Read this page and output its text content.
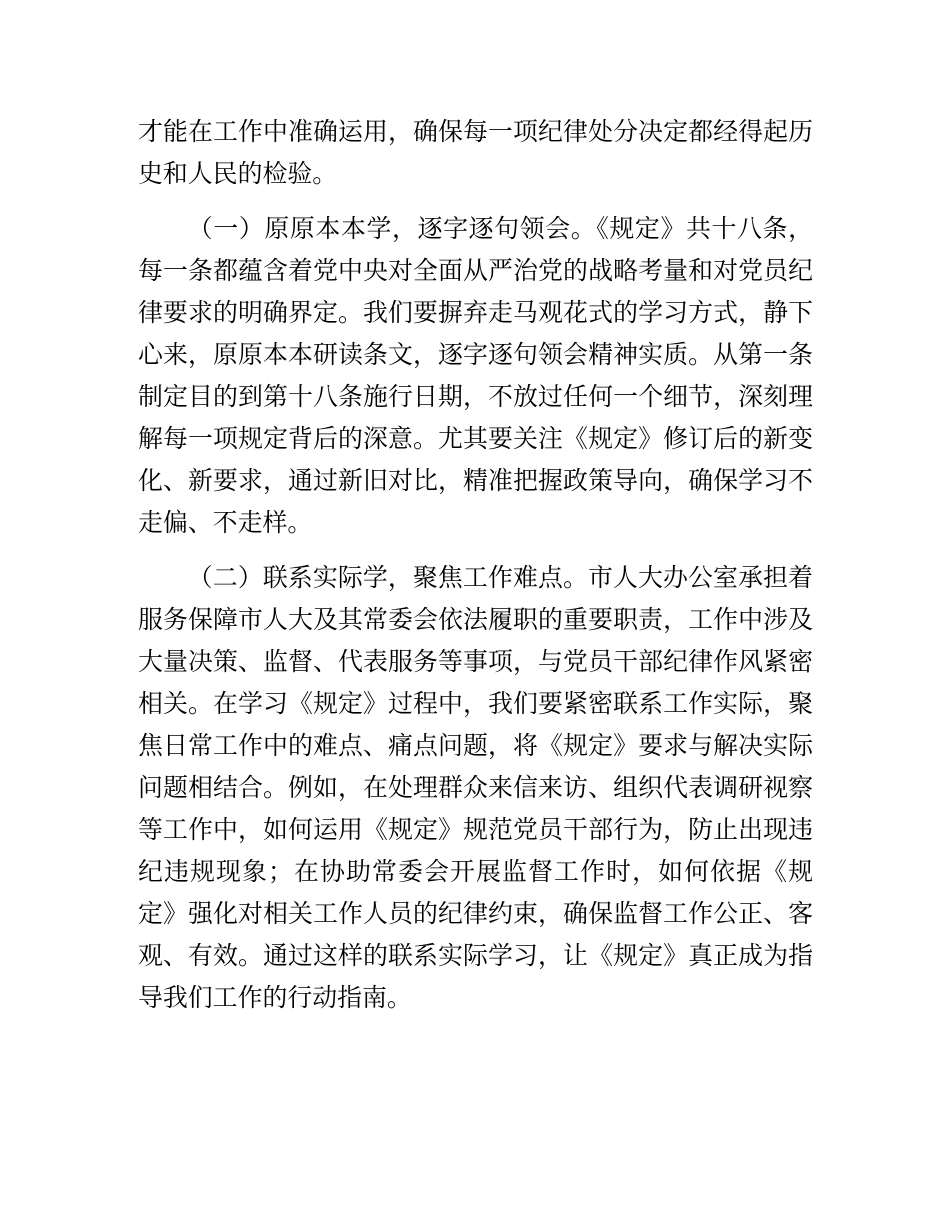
才能在工作中准确运用，确保每一项纪律处分决定都经得起历史和人民的检验。

（一）原原本本学，逐字逐句领会。《规定》共十八条，每一条都蕴含着党中央对全面从严治党的战略考量和对党员纪律要求的明确界定。我们要摒弃走马观花式的学习方式，静下心来，原原本本研读条文，逐字逐句领会精神实质。从第一条制定目的到第十八条施行日期，不放过任何一个细节，深刻理解每一项规定背后的深意。尤其要关注《规定》修订后的新变化、新要求，通过新旧对比，精准把握政策导向，确保学习不走偏、不走样。

（二）联系实际学，聚焦工作难点。市人大办公室承担着服务保障市人大及其常委会依法履职的重要职责，工作中涉及大量决策、监督、代表服务等事项，与党员干部纪律作风紧密相关。在学习《规定》过程中，我们要紧密联系工作实际，聚焦日常工作中的难点、痛点问题，将《规定》要求与解决实际问题相结合。例如，在处理群众来信来访、组织代表调研视察等工作中，如何运用《规定》规范党员干部行为，防止出现违纪违规现象；在协助常委会开展监督工作时，如何依据《规定》强化对相关工作人员的纪律约束，确保监督工作公正、客观、有效。通过这样的联系实际学习，让《规定》真正成为指导我们工作的行动指南。
